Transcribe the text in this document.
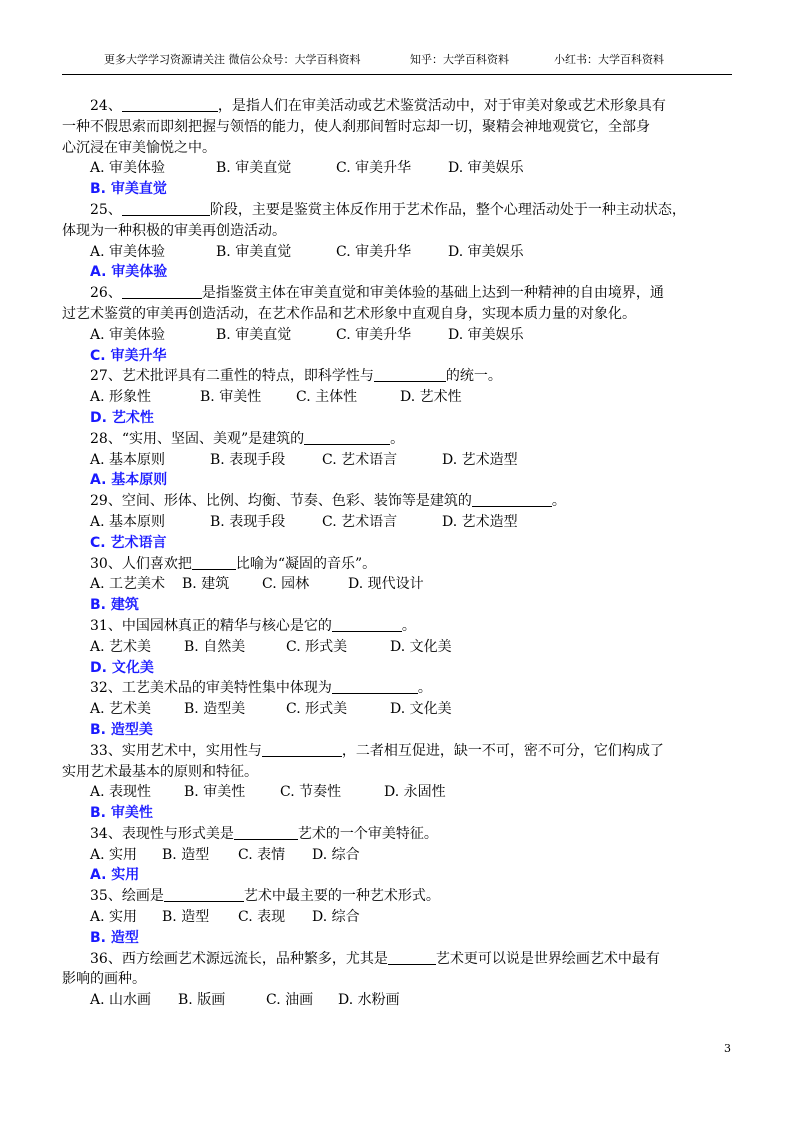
更多大学学习资源请关注 微信公众号：大学百科资料	知乎：大学百科资料	小红书：大学百科资料
24、	，是指人们在审美活动或艺术鉴赏活动中，对于审美对象或艺术形象具有
一种不假思索而即刻把握与领悟的能力，使人刹那间暂时忘却一切，聚精会神地观赏它，全部身
心沉浸在审美愉悦之中。
A. 审美体验	B. 审美直觉	C. 审美升华	D. 审美娱乐
B. 审美直觉
25、	阶段，主要是鉴赏主体反作用于艺术作品，整个心理活动处于一种主动状态，
体现为一种积极的审美再创造活动。
A. 审美体验	B. 审美直觉	C. 审美升华	D. 审美娱乐
A. 审美体验
26、	是指鉴赏主体在审美直觉和审美体验的基础上达到一种精神的自由境界，通
过艺术鉴赏的审美再创造活动，在艺术作品和艺术形象中直观自身，实现本质力量的对象化。
A. 审美体验	B. 审美直觉	C. 审美升华	D. 审美娱乐
C. 审美升华
27、艺术批评具有二重性的特点，即科学性与	的统一。
A. 形象性	B. 审美性 C. 主体性	D. 艺术性
D. 艺术性
28、“实用、坚固、美观”是建筑的	。
A. 基本原则	B. 表现手段	C. 艺术语言	D. 艺术造型
A. 基本原则
29、空间、形体、比例、均衡、节奏、色彩、装饰等是建筑的	。
A. 基本原则	B. 表现手段	C. 艺术语言	D. 艺术造型
C. 艺术语言
30、人们喜欢把	比喻为“凝固的音乐”。
A. 工艺美术 B. 建筑 C. 园林	D. 现代设计
B. 建筑
31、中国园林真正的精华与核心是它的	。
A. 艺术美 B. 自然美	C. 形式美	D. 文化美
D. 文化美
32、工艺美术品的审美特性集中体现为	。
A. 艺术美 B. 造型美	C. 形式美	D. 文化美
B. 造型美
33、实用艺术中，实用性与	，二者相互促进，缺一不可，密不可分，它们构成了
实用艺术最基本的原则和特征。
A. 表现性 B. 审美性 C. 节奏性	D. 永固性
B. 审美性
34、表现性与形式美是	艺术的一个审美特征。
A. 实用 B. 造型 C. 表情 D. 综合
A. 实用
35、绘画是	艺术中最主要的一种艺术形式。
A. 实用 B. 造型 C. 表现 D. 综合
B. 造型
36、西方绘画艺术源远流长，品种繁多，尤其是	艺术更可以说是世界绘画艺术中最有
影响的画种。
A. 山水画 B. 版画	C. 油画 D. 水粉画
3
